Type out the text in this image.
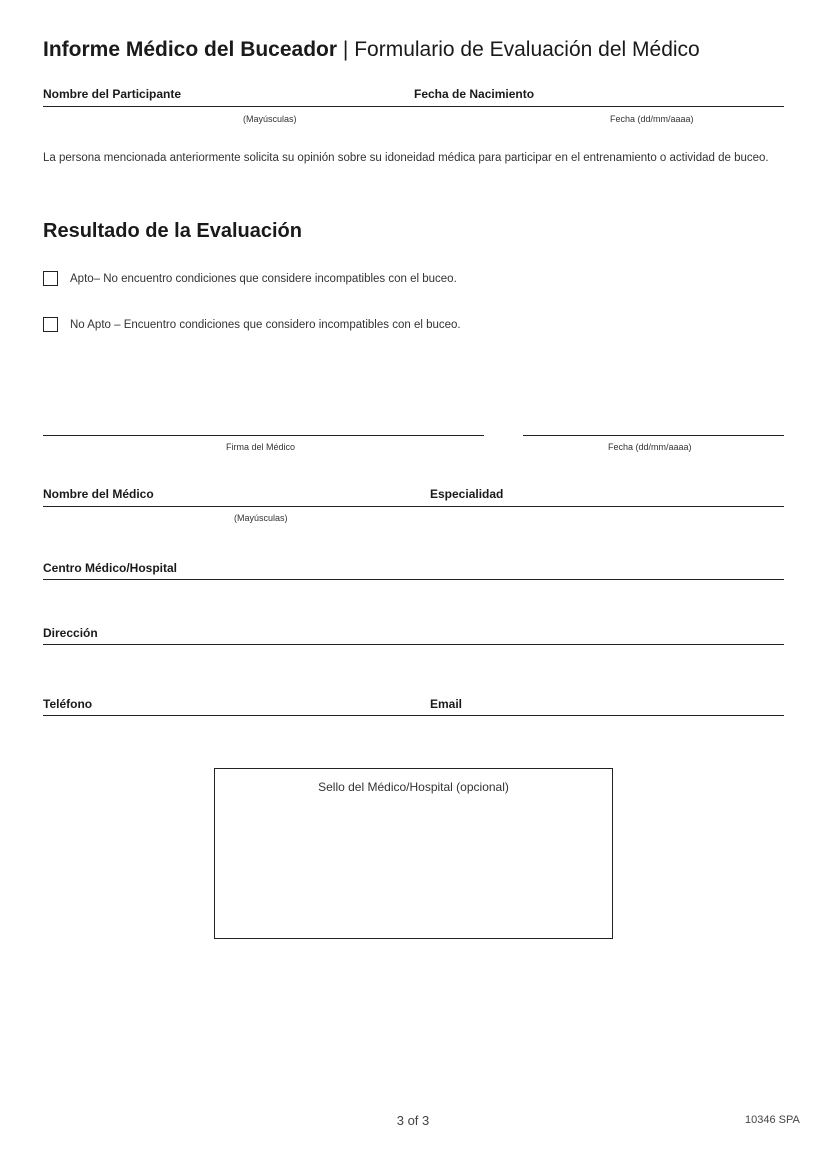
Informe Médico del Buceador | Formulario de Evaluación del Médico
Nombre del Participante	Fecha de Nacimiento
(Mayúsculas)	Fecha (dd/mm/aaaa)
La persona mencionada anteriormente solicita su opinión sobre su idoneidad médica para participar en el entrenamiento o actividad de buceo.
Resultado de la Evaluación
Apto– No encuentro condiciones que considere incompatibles con el buceo.
No Apto – Encuentro condiciones que considero incompatibles con el buceo.
Firma del Médico	Fecha (dd/mm/aaaa)
Nombre del Médico	Especialidad
(Mayúsculas)
Centro Médico/Hospital
Dirección
Teléfono	Email
Sello del Médico/Hospital (opcional)
3 of 3	10346 SPA
